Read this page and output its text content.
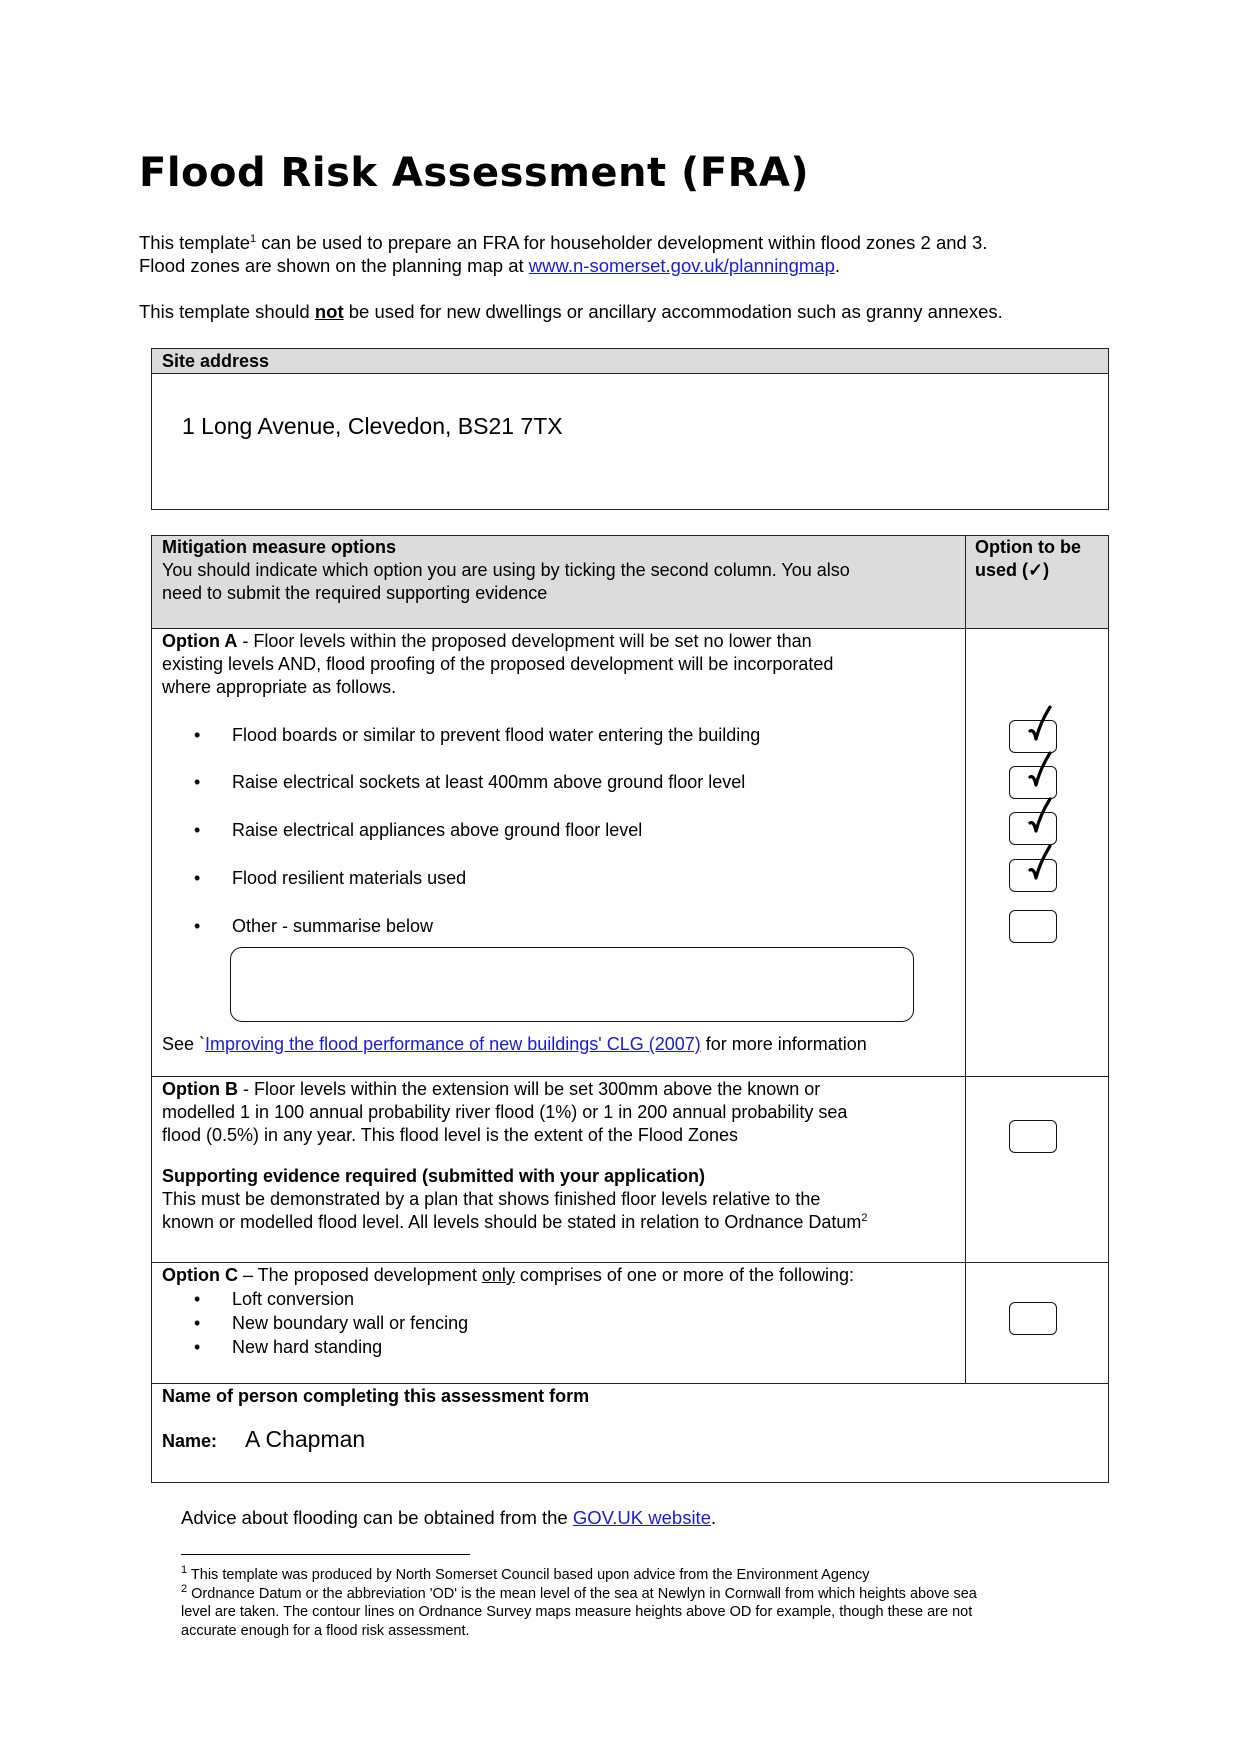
Flood Risk Assessment (FRA)
This template$^1$ can be used to prepare an FRA for householder development within flood zones 2 and 3.
Flood zones are shown on the planning map at www.n-somerset.gov.uk/planningmap.
This template should not be used for new dwellings or ancillary accommodation such as granny annexes.
Site address
1 Long Avenue, Clevedon, BS21 7TX
Mitigation measure options
You should indicate which option you are using by ticking the second column. You also
need to submit the required supporting evidence
Option to be
used (✓)
Option A - Floor levels within the proposed development will be set no lower than
existing levels AND, flood proofing of the proposed development will be incorporated
where appropriate as follows.
• Flood boards or similar to prevent flood water entering the building
• Raise electrical sockets at least 400mm above ground floor level
• Raise electrical appliances above ground floor level
• Flood resilient materials used
• Other - summarise below
See `Improving the flood performance of new buildings' CLG (2007) for more information
Option B - Floor levels within the extension will be set 300mm above the known or
modelled 1 in 100 annual probability river flood (1%) or 1 in 200 annual probability sea
flood (0.5%) in any year. This flood level is the extent of the Flood Zones
Supporting evidence required (submitted with your application)
This must be demonstrated by a plan that shows finished floor levels relative to the
known or modelled flood level. All levels should be stated in relation to Ordnance Datum$^2$
Option C – The proposed development only comprises of one or more of the following:
• Loft conversion
• New boundary wall or fencing
• New hard standing
Name of person completing this assessment form
Name: A Chapman
Advice about flooding can be obtained from the GOV.UK website.
$^1$ This template was produced by North Somerset Council based upon advice from the Environment Agency
$^2$ Ordnance Datum or the abbreviation 'OD' is the mean level of the sea at Newlyn in Cornwall from which heights above sea
level are taken. The contour lines on Ordnance Survey maps measure heights above OD for example, though these are not
accurate enough for a flood risk assessment.
